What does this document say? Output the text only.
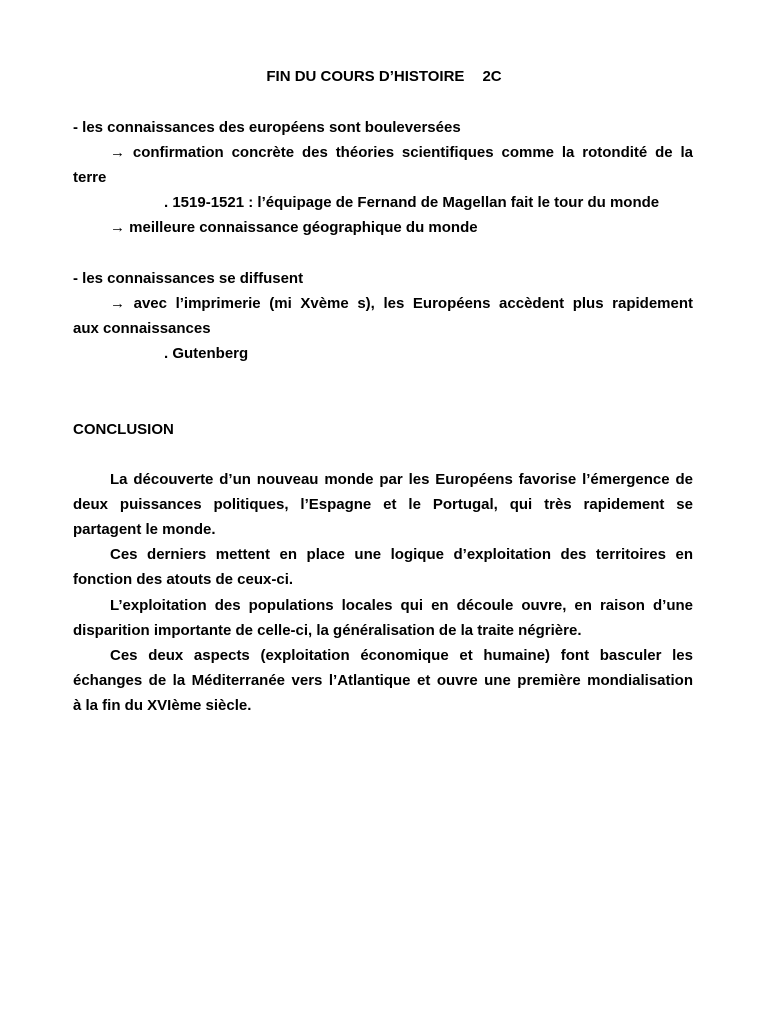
FIN DU COURS D’HISTOIRE 2C
- les connaissances des européens sont bouleversées
→ confirmation concrète des théories scientifiques comme la rotondité de la
terre
. 1519-1521 : l’équipage de Fernand de Magellan fait le tour du monde
→ meilleure connaissance géographique du monde
- les connaissances se diffusent
→ avec l’imprimerie (mi Xvème s), les Européens accèdent plus rapidement
aux connaissances
. Gutenberg
CONCLUSION
La découverte d’un nouveau monde par les Européens favorise l’émergence de
deux puissances politiques, l’Espagne et le Portugal, qui très rapidement se
partagent le monde.
Ces derniers mettent en place une logique d’exploitation des territoires en
fonction des atouts de ceux-ci.
L’exploitation des populations locales qui en découle ouvre, en raison d’une
disparition importante de celle-ci, la généralisation de la traite négrière.
Ces deux aspects (exploitation économique et humaine) font basculer les
échanges de la Méditerranée vers l’Atlantique et ouvre une première mondialisation
à la fin du XVIème siècle.
